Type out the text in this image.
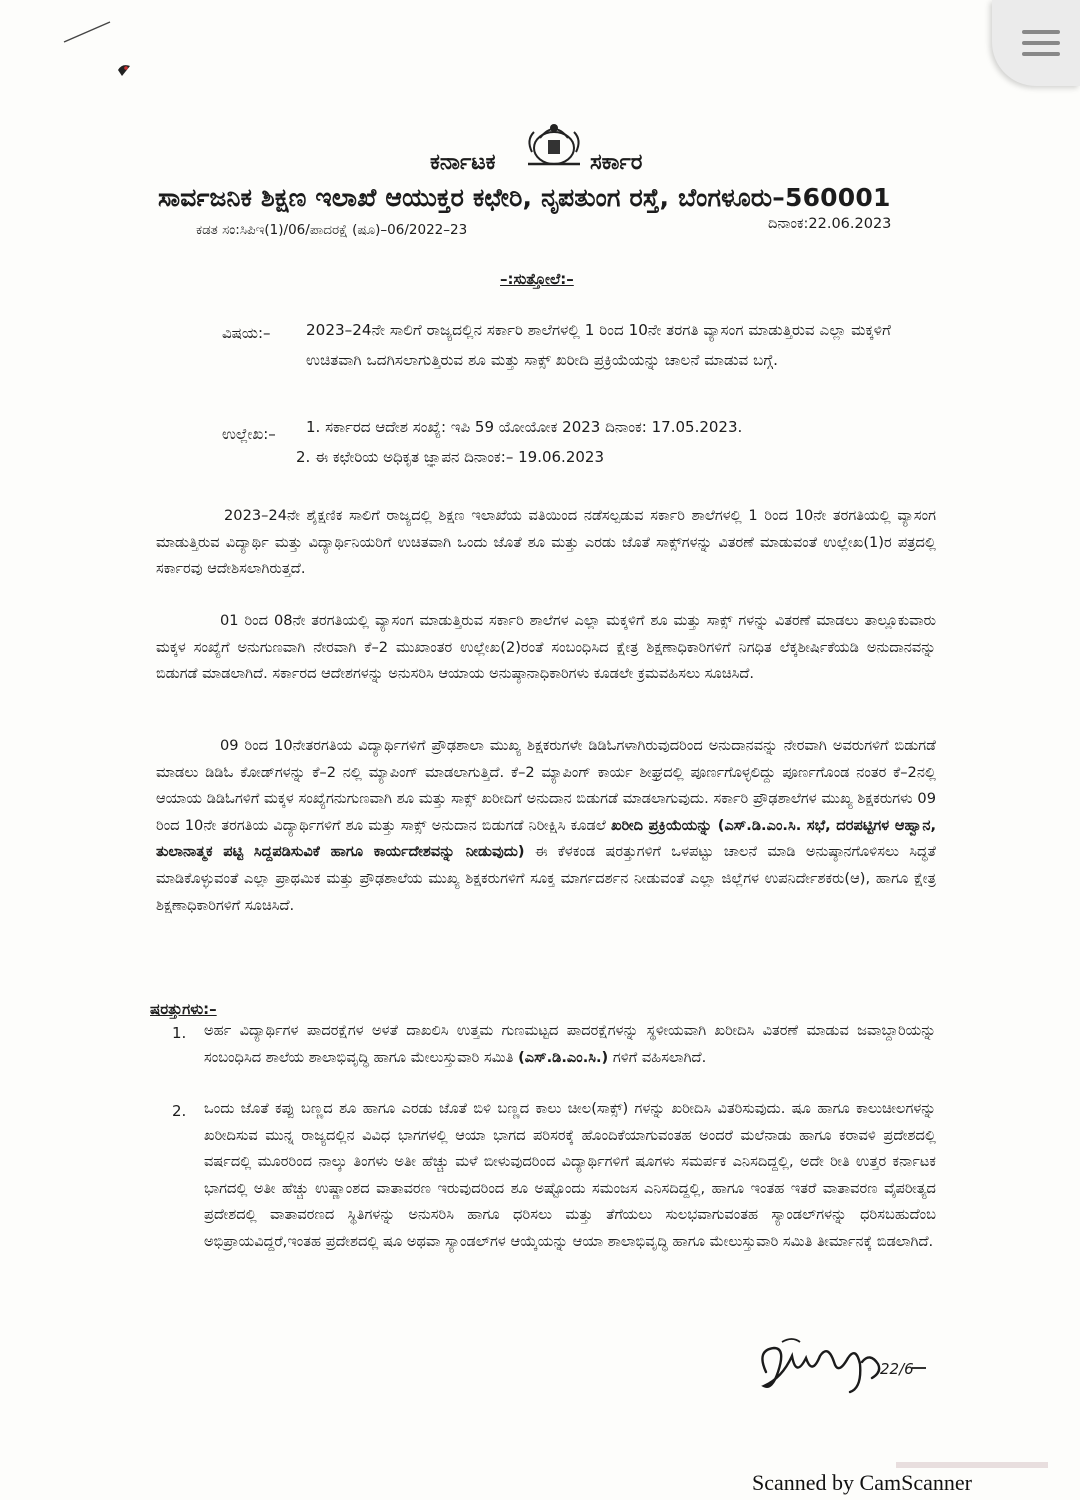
ಕರ್ನಾಟಕ	ಸರ್ಕಾರ

ಸಾರ್ವಜನಿಕ ಶಿಕ್ಷಣ ಇಲಾಖೆ ಆಯುಕ್ತರ ಕಛೇರಿ, ನೃಪತುಂಗ ರಸ್ತೆ, ಬೆಂಗಳೂರು–560001

ಕಡತ ಸಂ:ಸಿಪಿಇ(1)/06/ಪಾದರಕ್ಷೆ (ಷೂ)–06/2022–23	ದಿನಾಂಕ:22.06.2023

–:ಸುತ್ತೋಲೆ:–

ವಿಷಯ:– 2023–24ನೇ ಸಾಲಿಗೆ ರಾಜ್ಯದಲ್ಲಿನ ಸರ್ಕಾರಿ ಶಾಲೆಗಳಲ್ಲಿ 1 ರಿಂದ 10ನೇ ತರಗತಿ ವ್ಯಾಸಂಗ ಮಾಡುತ್ತಿರುವ ಎಲ್ಲಾ ಮಕ್ಕಳಿಗೆ ಉಚಿತವಾಗಿ ಒದಗಿಸಲಾಗುತ್ತಿರುವ ಶೂ ಮತ್ತು ಸಾಕ್ಸ್ ಖರೀದಿ ಪ್ರಕ್ರಿಯೆಯನ್ನು ಚಾಲನೆ ಮಾಡುವ ಬಗ್ಗೆ.

ಉಲ್ಲೇಖ:– 1. ಸರ್ಕಾರದ ಆದೇಶ ಸಂಖ್ಯೆ: ಇಪಿ 59 ಯೋಯೋಕ 2023 ದಿನಾಂಕ: 17.05.2023.

2. ಈ ಕಛೇರಿಯ ಅಧಿಕೃತ ಜ್ಞಾಪನ ದಿನಾಂಕ:– 19.06.2023

2023–24ನೇ ಶೈಕ್ಷಣಿಕ ಸಾಲಿಗೆ ರಾಜ್ಯದಲ್ಲಿ ಶಿಕ್ಷಣ ಇಲಾಖೆಯ ವತಿಯಿಂದ ನಡೆಸಲ್ಪಡುವ ಸರ್ಕಾರಿ ಶಾಲೆಗಳಲ್ಲಿ 1 ರಿಂದ 10ನೇ ತರಗತಿಯಲ್ಲಿ ವ್ಯಾಸಂಗ ಮಾಡುತ್ತಿರುವ ವಿದ್ಯಾರ್ಥಿ ಮತ್ತು ವಿದ್ಯಾರ್ಥಿನಿಯರಿಗೆ ಉಚಿತವಾಗಿ ಒಂದು ಜೊತೆ ಶೂ ಮತ್ತು ಎರಡು ಜೊತೆ ಸಾಕ್ಸ್‌ಗಳನ್ನು ವಿತರಣೆ ಮಾಡುವಂತೆ ಉಲ್ಲೇಖ(1)ರ ಪತ್ರದಲ್ಲಿ ಸರ್ಕಾರವು ಆದೇಶಿಸಲಾಗಿರುತ್ತದೆ.

01 ರಿಂದ 08ನೇ ತರಗತಿಯಲ್ಲಿ ವ್ಯಾಸಂಗ ಮಾಡುತ್ತಿರುವ ಸರ್ಕಾರಿ ಶಾಲೆಗಳ ಎಲ್ಲಾ ಮಕ್ಕಳಿಗೆ ಶೂ ಮತ್ತು ಸಾಕ್ಸ್ ಗಳನ್ನು ವಿತರಣೆ ಮಾಡಲು ತಾಲ್ಲೂಕುವಾರು ಮಕ್ಕಳ ಸಂಖ್ಯೆಗೆ ಅನುಗುಣವಾಗಿ ನೇರವಾಗಿ ಕೆ–2 ಮುಖಾಂತರ ಉಲ್ಲೇಖ(2)ರಂತೆ ಸಂಬಂಧಿಸಿದ ಕ್ಷೇತ್ರ ಶಿಕ್ಷಣಾಧಿಕಾರಿಗಳಿಗೆ ನಿಗಧಿತ ಲೆಕ್ಕಶೀರ್ಷಿಕೆಯಡಿ ಅನುದಾನವನ್ನು ಬಿಡುಗಡೆ ಮಾಡಲಾಗಿದೆ. ಸರ್ಕಾರದ ಆದೇಶಗಳನ್ನು ಅನುಸರಿಸಿ ಆಯಾಯ ಅನುಷ್ಠಾನಾಧಿಕಾರಿಗಳು ಕೂಡಲೇ ಕ್ರಮವಹಿಸಲು ಸೂಚಿಸಿದೆ.

09 ರಿಂದ 10ನೇತರಗತಿಯ ವಿದ್ಯಾರ್ಥಿಗಳಿಗೆ ಪ್ರೌಢಶಾಲಾ ಮುಖ್ಯ ಶಿಕ್ಷಕರುಗಳೇ ಡಿಡಿಓಗಳಾಗಿರುವುದರಿಂದ ಅನುದಾನವನ್ನು ನೇರವಾಗಿ ಅವರುಗಳಿಗೆ ಬಿಡುಗಡೆ ಮಾಡಲು ಡಿಡಿಓ ಕೋಡ್‌ಗಳನ್ನು ಕೆ–2 ನಲ್ಲಿ ಮ್ಯಾಪಿಂಗ್ ಮಾಡಲಾಗುತ್ತಿದೆ. ಕೆ–2 ಮ್ಯಾಪಿಂಗ್ ಕಾರ್ಯ ಶೀಘ್ರದಲ್ಲಿ ಪೂರ್ಣಗೊಳ್ಳಲಿದ್ದು ಪೂರ್ಣಗೊಂಡ ನಂತರ ಕೆ–2ನಲ್ಲಿ ಆಯಾಯ ಡಿಡಿಓಗಳಿಗೆ ಮಕ್ಕಳ ಸಂಖ್ಯೆಗನುಗುಣವಾಗಿ ಶೂ ಮತ್ತು ಸಾಕ್ಸ್ ಖರೀದಿಗೆ ಅನುದಾನ ಬಿಡುಗಡೆ ಮಾಡಲಾಗುವುದು. ಸರ್ಕಾರಿ ಪ್ರೌಢಶಾಲೆಗಳ ಮುಖ್ಯ ಶಿಕ್ಷಕರುಗಳು 09 ರಿಂದ 10ನೇ ತರಗತಿಯ ವಿದ್ಯಾರ್ಥಿಗಳಿಗೆ ಶೂ ಮತ್ತು ಸಾಕ್ಸ್ ಅನುದಾನ ಬಿಡುಗಡೆ ನಿರೀಕ್ಷಿಸಿ ಕೂಡಲೆ ಖರೀದಿ ಪ್ರಕ್ರಿಯೆಯನ್ನು (ಎಸ್.ಡಿ.ಎಂ.ಸಿ. ಸಭೆ, ದರಪಟ್ಟಿಗಳ ಆಹ್ವಾನ, ತುಲಾನಾತ್ಮಕ ಪಟ್ಟಿ ಸಿದ್ದಪಡಿಸುವಿಕೆ ಹಾಗೂ ಕಾರ್ಯದೇಶವನ್ನು ನೀಡುವುದು) ಈ ಕೆಳಕಂಡ ಷರತ್ತುಗಳಿಗೆ ಒಳಪಟ್ಟು ಚಾಲನೆ ಮಾಡಿ ಅನುಷ್ಠಾನಗೊಳಿಸಲು ಸಿದ್ಧತೆ ಮಾಡಿಕೊಳ್ಳುವಂತೆ ಎಲ್ಲಾ ಪ್ರಾಥಮಿಕ ಮತ್ತು ಪ್ರೌಢಶಾಲೆಯ ಮುಖ್ಯ ಶಿಕ್ಷಕರುಗಳಿಗೆ ಸೂಕ್ತ ಮಾರ್ಗದರ್ಶನ ನೀಡುವಂತೆ ಎಲ್ಲಾ ಜಿಲ್ಲೆಗಳ ಉಪನಿರ್ದೇಶಕರು(ಆ), ಹಾಗೂ ಕ್ಷೇತ್ರ ಶಿಕ್ಷಣಾಧಿಕಾರಿಗಳಿಗೆ ಸೂಚಿಸಿದೆ.

ಷರತ್ತುಗಳು:–

1. ಅರ್ಹ ವಿದ್ಯಾರ್ಥಿಗಳ ಪಾದರಕ್ಷೆಗಳ ಅಳತೆ ದಾಖಲಿಸಿ ಉತ್ತಮ ಗುಣಮಟ್ಟದ ಪಾದರಕ್ಷೆಗಳನ್ನು ಸ್ಥಳೀಯವಾಗಿ ಖರೀದಿಸಿ ವಿತರಣೆ ಮಾಡುವ ಜವಾಬ್ದಾರಿಯನ್ನು ಸಂಬಂಧಿಸಿದ ಶಾಲೆಯ ಶಾಲಾಭಿವೃದ್ಧಿ ಹಾಗೂ ಮೇಲುಸ್ತುವಾರಿ ಸಮಿತಿ (ಎಸ್.ಡಿ.ಎಂ.ಸಿ.) ಗಳಿಗೆ ವಹಿಸಲಾಗಿದೆ.

2. ಒಂದು ಜೊತೆ ಕಪ್ಪು ಬಣ್ಣದ ಶೂ ಹಾಗೂ ಎರಡು ಜೊತೆ ಬಿಳಿ ಬಣ್ಣದ ಕಾಲು ಚೀಲ(ಸಾಕ್ಸ್) ಗಳನ್ನು ಖರೀದಿಸಿ ವಿತರಿಸುವುದು. ಷೂ ಹಾಗೂ ಕಾಲುಚೀಲಗಳನ್ನು ಖರೀದಿಸುವ ಮುನ್ನ ರಾಜ್ಯದಲ್ಲಿನ ವಿವಿಧ ಭಾಗಗಳಲ್ಲಿ ಆಯಾ ಭಾಗದ ಪರಿಸರಕ್ಕೆ ಹೊಂದಿಕೆಯಾಗುವಂತಹ ಅಂದರೆ ಮಲೆನಾಡು ಹಾಗೂ ಕರಾವಳಿ ಪ್ರದೇಶದಲ್ಲಿ ವರ್ಷದಲ್ಲಿ ಮೂರರಿಂದ ನಾಲ್ಕು ತಿಂಗಳು ಅತೀ ಹೆಚ್ಚು ಮಳೆ ಬೀಳುವುದರಿಂದ ವಿದ್ಯಾರ್ಥಿಗಳಿಗೆ ಷೂಗಳು ಸಮರ್ಪಕ ಎನಿಸದಿದ್ದಲ್ಲಿ, ಅದೇ ರೀತಿ ಉತ್ತರ ಕರ್ನಾಟಕ ಭಾಗದಲ್ಲಿ ಅತೀ ಹೆಚ್ಚು ಉಷ್ಣಾಂಶದ ವಾತಾವರಣ ಇರುವುದರಿಂದ ಶೂ ಅಷ್ಟೊಂದು ಸಮಂಜಸ ಎನಿಸದಿದ್ದಲ್ಲಿ, ಹಾಗೂ ಇಂತಹ ಇತರೆ ವಾತಾವರಣ ವೈಪರೀತ್ಯದ ಪ್ರದೇಶದಲ್ಲಿ ವಾತಾವರಣದ ಸ್ಥಿತಿಗಳನ್ನು ಅನುಸರಿಸಿ ಹಾಗೂ ಧರಿಸಲು ಮತ್ತು ತೆಗೆಯಲು ಸುಲಭವಾಗುವಂತಹ ಸ್ಯಾಂಡಲ್‌ಗಳನ್ನು ಧರಿಸಬಹುದೆಂಬ ಅಭಿಪ್ರಾಯವಿದ್ದರೆ,ಇಂತಹ ಪ್ರದೇಶದಲ್ಲಿ ಷೂ ಅಥವಾ ಸ್ಯಾಂಡಲ್‌ಗಳ ಆಯ್ಕೆಯನ್ನು ಆಯಾ ಶಾಲಾಭಿವೃದ್ಧಿ ಹಾಗೂ ಮೇಲುಸ್ತುವಾರಿ ಸಮಿತಿ ತೀರ್ಮಾನಕ್ಕೆ ಬಿಡಲಾಗಿದೆ.

22/6

Scanned by CamScanner
